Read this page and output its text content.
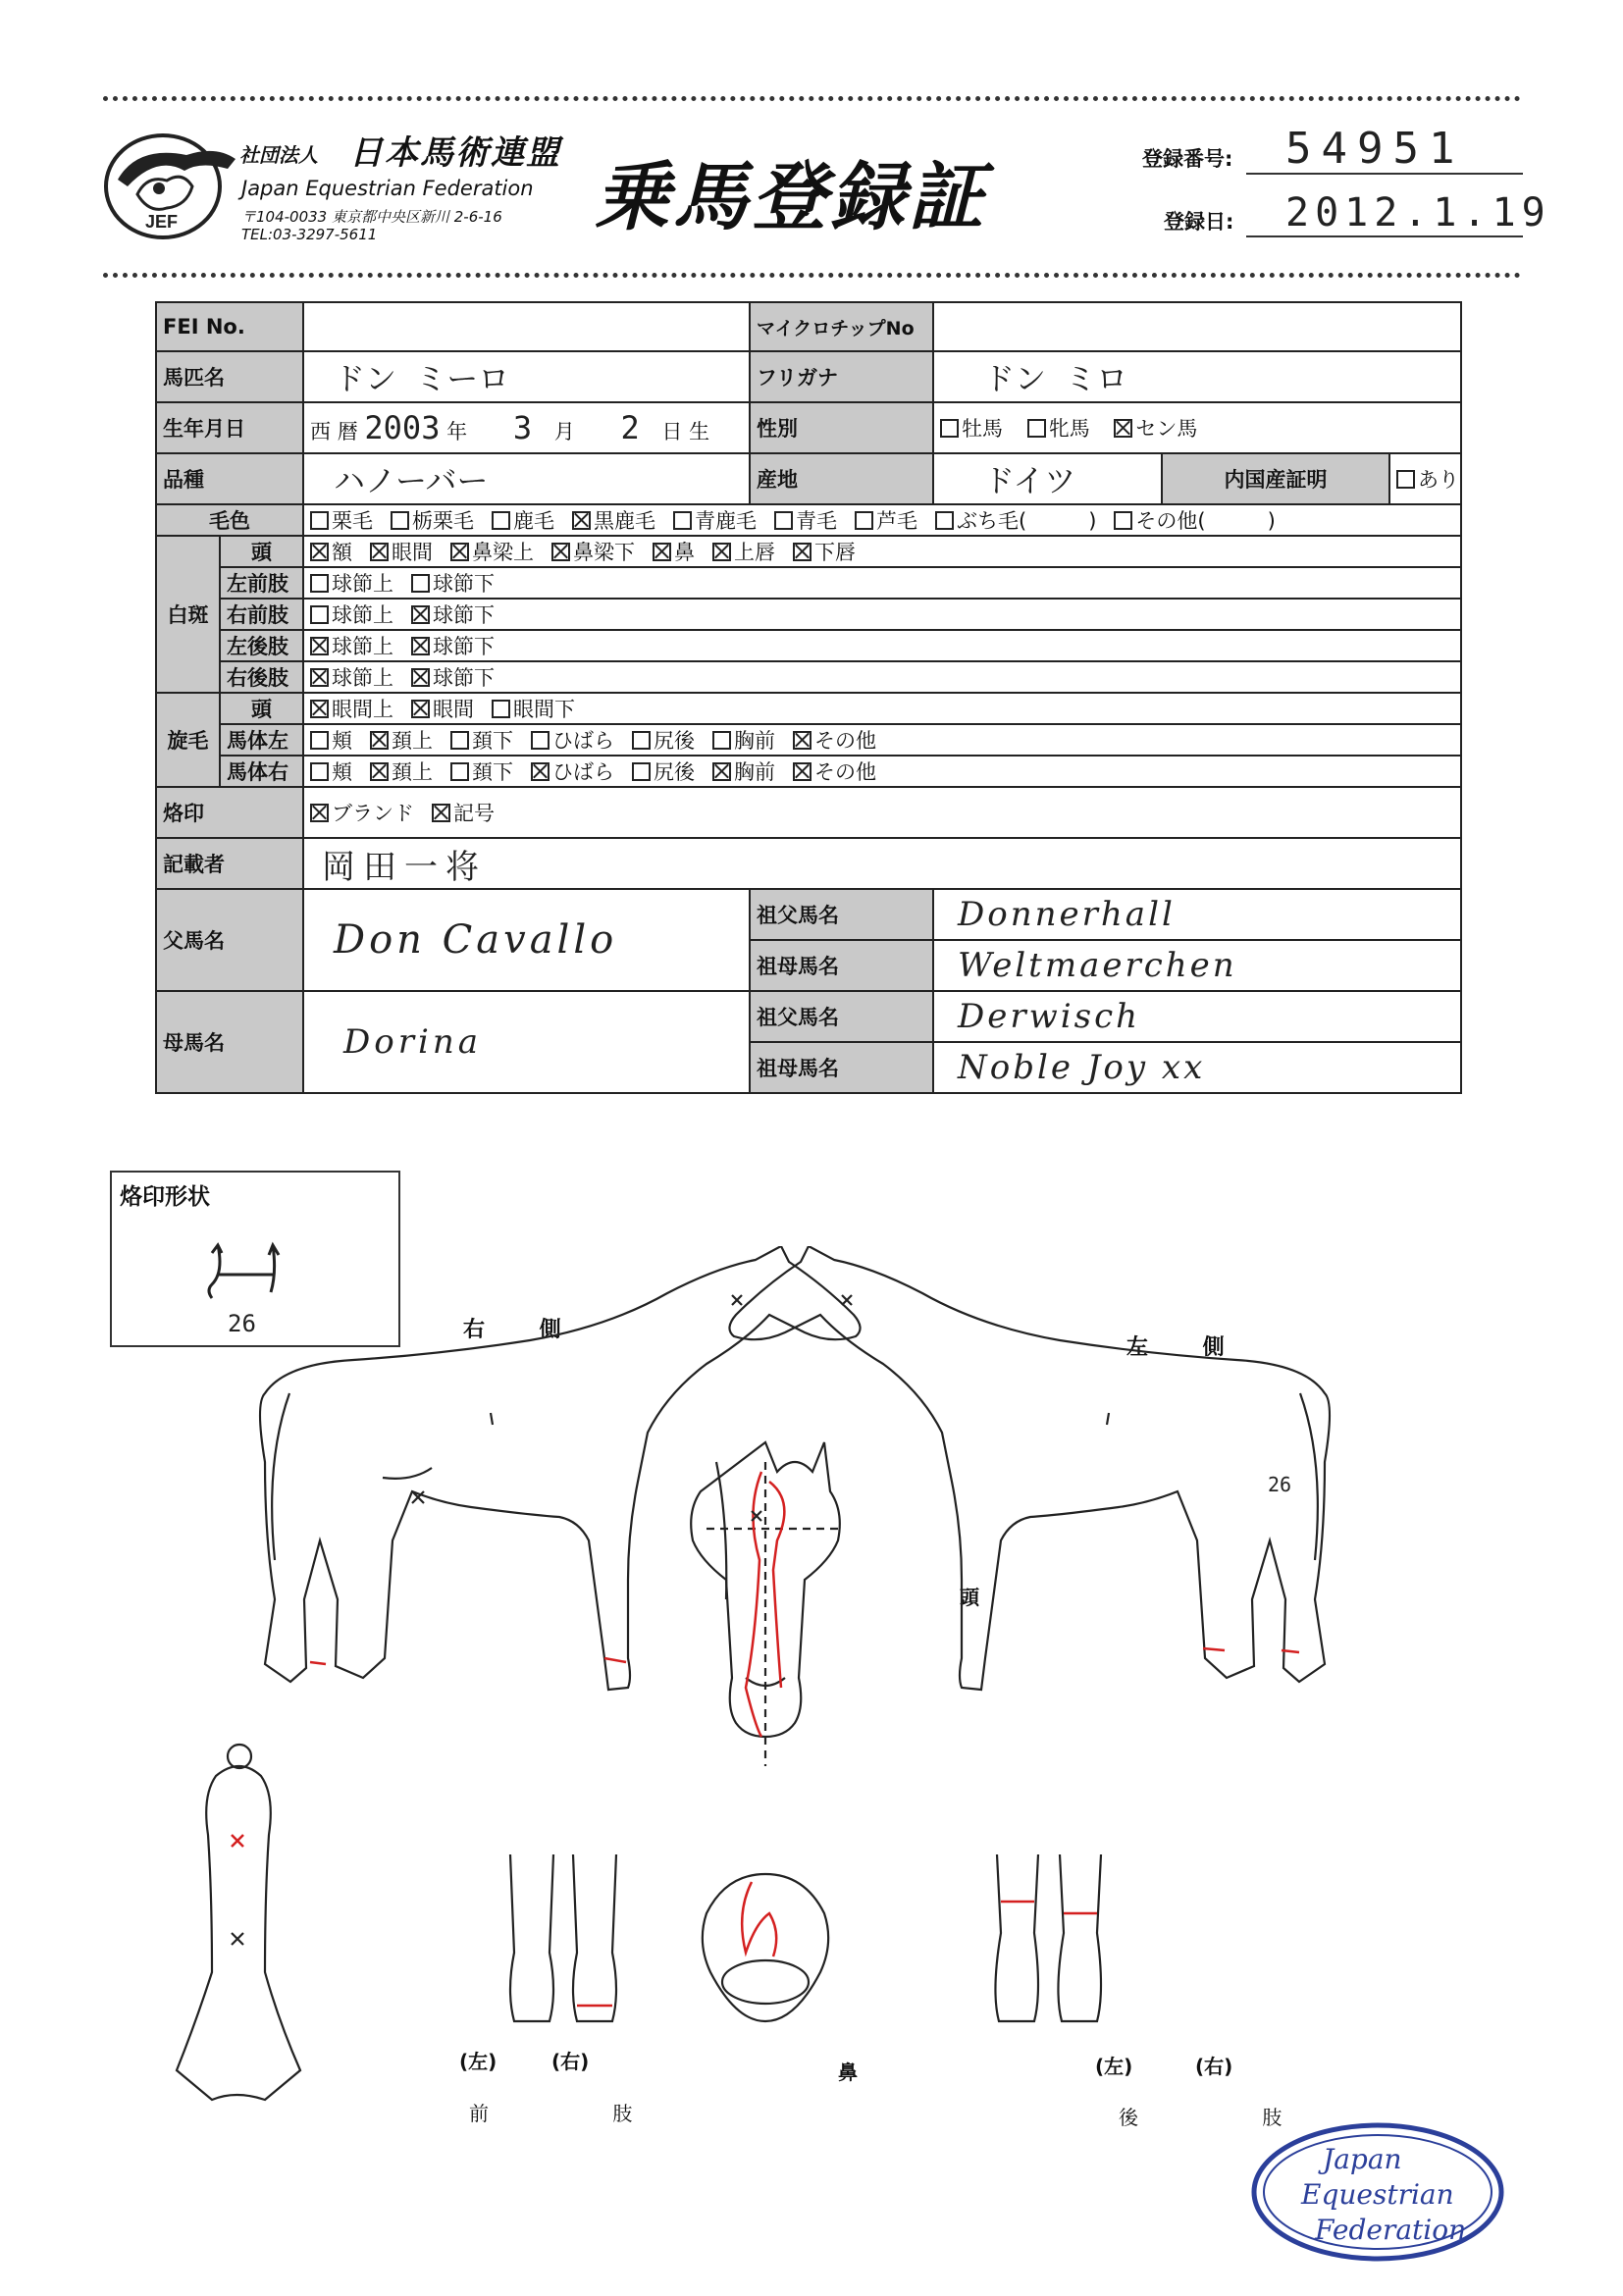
JEF
社団法人 日本馬術連盟
Japan Equestrian Federation
〒104-0033 東京都中央区新川 2-6-16
TEL:03-3297-5611	乗馬登録証	登録番号: 54951
登録日: 2012.1.19
FEI No.			マイクロチップNo			
馬匹名		ドン ミーロ	フリガナ	ドン ミロ		
生年月日		西 暦 2003 年 3 月 2 日 生	性別	牡馬 牝馬 セン馬		
品種		ハノーバー	産地	ドイツ	内国産証明	あり
毛色		栗毛 栃栗毛 鹿毛 黒鹿毛 青鹿毛 青毛 芦毛 ぶち毛(　　　) その他(　　　)				
白斑	頭	額 眼間 鼻梁上 鼻梁下 鼻 上唇 下唇				
	左前肢	球節上 球節下				
	右前肢	球節上 球節下				
	左後肢	球節上 球節下				
	右後肢	球節上 球節下				
旋毛	頭	眼間上 眼間 眼間下				
	馬体左	頬 頚上 頚下 ひばら 尻後 胸前 その他				
	馬体右	頬 頚上 頚下 ひばら 尻後 胸前 その他				
烙印		ブランド 記号				
記載者		岡田一将				
父馬名		Don Cavallo	祖父馬名	Donnerhall		
			祖母馬名	Weltmaerchen		
母馬名		Dorina	祖父馬名	Derwisch		
			祖母馬名	Noble Joy xx		
烙印形状
26	右 側
左 側
頭
26
(左)	(右)
前 肢
鼻	(左)	(右)
後 肢
Japan
Equestrian
Federation
